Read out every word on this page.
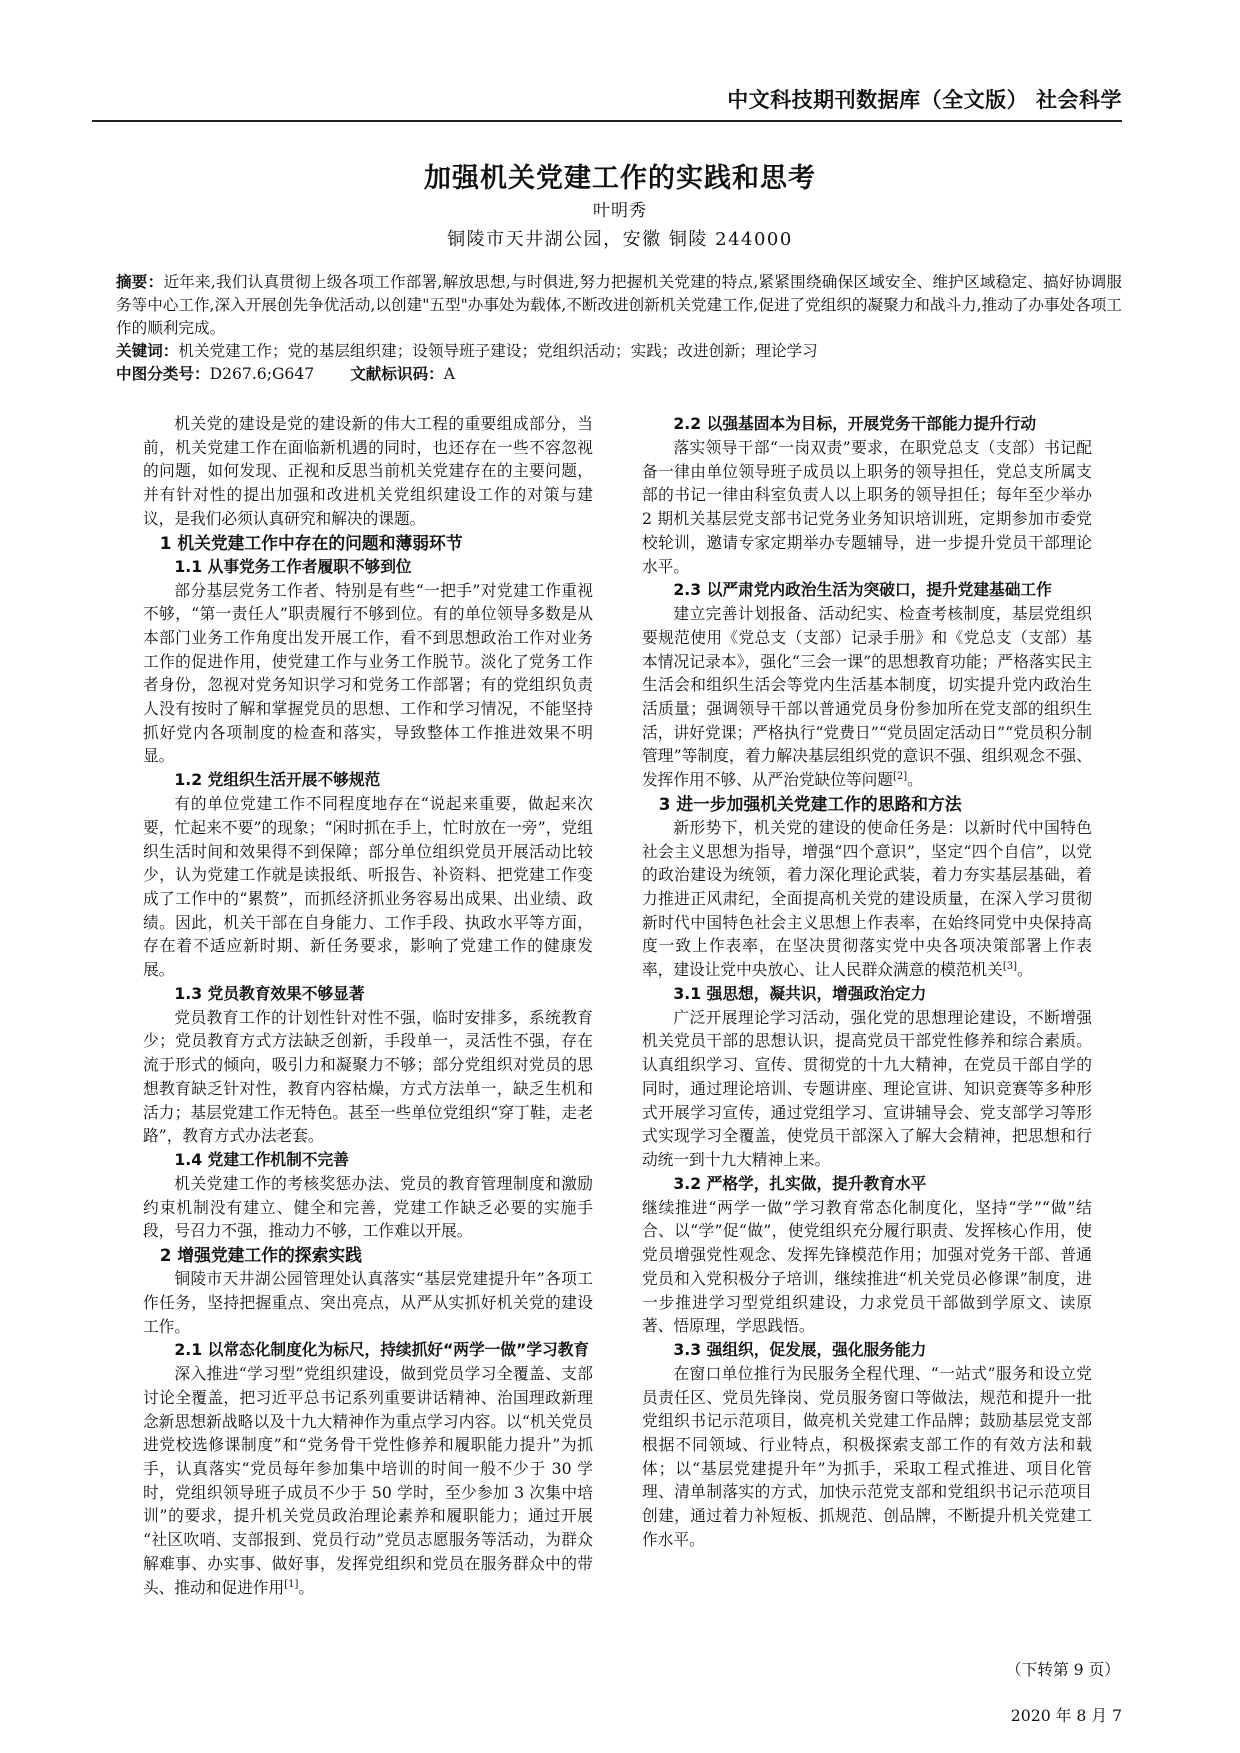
中文科技期刊数据库（全文版） 社会科学
加强机关党建工作的实践和思考
叶明秀
铜陵市天井湖公园，安徽 铜陵 244000

摘要：近年来,我们认真贯彻上级各项工作部署,解放思想,与时俱进,努力把握机关党建的特点,紧紧围绕确保区域安全、维护区域稳定、搞好协调服务等中心工作,深入开展创先争优活动,以创建"五型"办事处为载体,不断改进创新机关党建工作,促进了党组织的凝聚力和战斗力,推动了办事处各项工作的顺利完成。

关键词：机关党建工作；党的基层组织建；设领导班子建设；党组织活动；实践；改进创新；理论学习

中图分类号：D267.6;G647 文献标识码：A

机关党的建设是党的建设新的伟大工程的重要组成部分，当前，机关党建工作在面临新机遇的同时，也还存在一些不容忽视的问题，如何发现、正视和反思当前机关党建存在的主要问题，并有针对性的提出加强和改进机关党组织建设工作的对策与建议，是我们必须认真研究和解决的课题。

1 机关党建工作中存在的问题和薄弱环节
1.1 从事党务工作者履职不够到位

部分基层党务工作者、特别是有些“一把手”对党建工作重视不够，“第一责任人”职责履行不够到位。有的单位领导多数是从本部门业务工作角度出发开展工作，看不到思想政治工作对业务工作的促进作用，使党建工作与业务工作脱节。淡化了党务工作者身份，忽视对党务知识学习和党务工作部署；有的党组织负责人没有按时了解和掌握党员的思想、工作和学习情况，不能坚持抓好党内各项制度的检查和落实，导致整体工作推进效果不明显。

1.2 党组织生活开展不够规范

有的单位党建工作不同程度地存在“说起来重要，做起来次要，忙起来不要”的现象；“闲时抓在手上，忙时放在一旁”，党组织生活时间和效果得不到保障；部分单位组织党员开展活动比较少，认为党建工作就是读报纸、听报告、补资料、把党建工作变成了工作中的“累赘”，而抓经济抓业务容易出成果、出业绩、政绩。因此，机关干部在自身能力、工作手段、执政水平等方面，存在着不适应新时期、新任务要求，影响了党建工作的健康发展。

1.3 党员教育效果不够显著

党员教育工作的计划性针对性不强，临时安排多，系统教育少；党员教育方式方法缺乏创新，手段单一，灵活性不强，存在流于形式的倾向，吸引力和凝聚力不够；部分党组织对党员的思想教育缺乏针对性，教育内容枯燥，方式方法单一，缺乏生机和活力；基层党建工作无特色。甚至一些单位党组织“穿丁鞋，走老路”，教育方式办法老套。

1.4 党建工作机制不完善

机关党建工作的考核奖惩办法、党员的教育管理制度和激励约束机制没有建立、健全和完善，党建工作缺乏必要的实施手段，号召力不强，推动力不够，工作难以开展。

2 增强党建工作的探索实践

铜陵市天井湖公园管理处认真落实“基层党建提升年”各项工作任务，坚持把握重点、突出亮点，从严从实抓好机关党的建设工作。

2.1 以常态化制度化为标尺，持续抓好“两学一做”学习教育

深入推进“学习型”党组织建设，做到党员学习全覆盖、支部讨论全覆盖，把习近平总书记系列重要讲话精神、治国理政新理念新思想新战略以及十九大精神作为重点学习内容。以“机关党员进党校选修课制度”和“党务骨干党性修养和履职能力提升”为抓手，认真落实“党员每年参加集中培训的时间一般不少于 30 学时，党组织领导班子成员不少于 50 学时，至少参加 3 次集中培训”的要求，提升机关党员政治理论素养和履职能力；通过开展 “社区吹哨、支部报到、党员行动”党员志愿服务等活动，为群众解难事、办实事、做好事，发挥党组织和党员在服务群众中的带头、推动和促进作用[1]。

2.2 以强基固本为目标，开展党务干部能力提升行动

落实领导干部“一岗双责”要求，在职党总支（支部）书记配备一律由单位领导班子成员以上职务的领导担任，党总支所属支部的书记一律由科室负责人以上职务的领导担任；每年至少举办 2 期机关基层党支部书记党务业务知识培训班，定期参加市委党校轮训，邀请专家定期举办专题辅导，进一步提升党员干部理论水平。

2.3 以严肃党内政治生活为突破口，提升党建基础工作

建立完善计划报备、活动纪实、检查考核制度，基层党组织要规范使用《党总支（支部）记录手册》和《党总支（支部）基本情况记录本》，强化“三会一课”的思想教育功能；严格落实民主生活会和组织生活会等党内生活基本制度，切实提升党内政治生活质量；强调领导干部以普通党员身份参加所在党支部的组织生活，讲好党课；严格执行“党费日”“党员固定活动日”“党员积分制管理”等制度，着力解决基层组织党的意识不强、组织观念不强、发挥作用不够、从严治党缺位等问题[2]。

3 进一步加强机关党建工作的思路和方法

新形势下，机关党的建设的使命任务是：以新时代中国特色社会主义思想为指导，增强“四个意识”，坚定“四个自信”，以党的政治建设为统领，着力深化理论武装，着力夯实基层基础，着力推进正风肃纪，全面提高机关党的建设质量，在深入学习贯彻新时代中国特色社会主义思想上作表率，在始终同党中央保持高度一致上作表率，在坚决贯彻落实党中央各项决策部署上作表率，建设让党中央放心、让人民群众满意的模范机关[3]。

3.1 强思想，凝共识，增强政治定力

广泛开展理论学习活动，强化党的思想理论建设，不断增强机关党员干部的思想认识，提高党员干部党性修养和综合素质。认真组织学习、宣传、贯彻党的十九大精神，在党员干部自学的同时，通过理论培训、专题讲座、理论宣讲、知识竞赛等多种形式开展学习宣传，通过党组学习、宣讲辅导会、党支部学习等形式实现学习全覆盖，使党员干部深入了解大会精神，把思想和行动统一到十九大精神上来。

3.2 严格学，扎实做，提升教育水平

继续推进“两学一做”学习教育常态化制度化，坚持“学”“做”结合、以“学”促“做”，使党组织充分履行职责、发挥核心作用，使党员增强党性观念、发挥先锋模范作用；加强对党务干部、普通党员和入党积极分子培训，继续推进“机关党员必修课”制度，进一步推进学习型党组织建设，力求党员干部做到学原文、读原著、悟原理，学思践悟。

3.3 强组织，促发展，强化服务能力

在窗口单位推行为民服务全程代理、“一站式”服务和设立党员责任区、党员先锋岗、党员服务窗口等做法，规范和提升一批党组织书记示范项目，做亮机关党建工作品牌；鼓励基层党支部根据不同领域、行业特点，积极探索支部工作的有效方法和载体；以“基层党建提升年”为抓手，采取工程式推进、项目化管理、清单制落实的方式，加快示范党支部和党组织书记示范项目创建，通过着力补短板、抓规范、创品牌，不断提升机关党建工作水平。

（下转第 9 页）
2020 年 8 月 7
